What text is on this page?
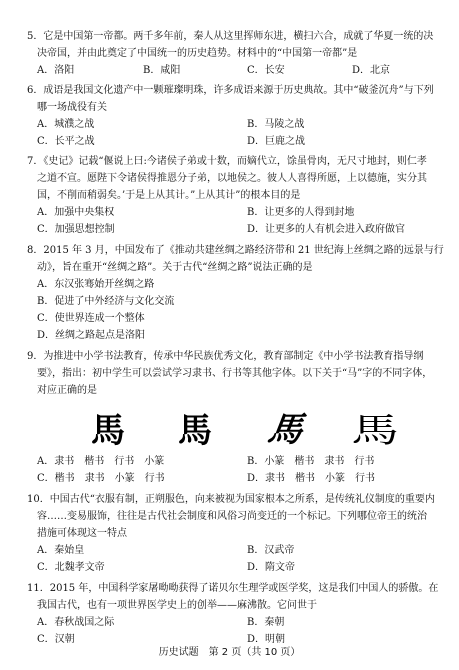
5．它是中国第一帝都。两千多年前，秦人从这里挥师东进，横扫六合，成就了华夏一统的决
决帝国，并由此奠定了中国统一的历史趋势。材料中的“中国第一帝都”是
A．洛阳	B．咸阳	C．长安	D．北京
6．成语是我国文化遗产中一颗璀璨明珠，许多成语来源于历史典故。其中“破釜沉舟”与下列
哪一场战役有关
A．城濮之战	B．马陵之战
C．长平之战	D．巨鹿之战
7．《史记》记载“偃说上曰:今诸侯子弟或十数，而嫡代立，馀虽骨肉，无尺寸地封，则仁孝
之道不宣。愿陛下令诸侯得推恩分子弟，以地侯之。彼人人喜得所愿，上以德施，实分其
国，不削而稍弱矣。’于是上从其计。”上从其计”的根本目的是
A．加强中央集权	B．让更多的人得到封地
C．加强思想控制	D．让更多的人有机会进入政府做官
8．2015 年 3 月，中国发布了《推动共建丝绸之路经济带和 21 世纪海上丝绸之路的远景与行
动》，旨在重开“丝绸之路”。关于古代“丝绸之路”说法正确的是
A．东汉张骞始开丝绸之路
B．促进了中外经济与文化交流
C．使世界连成一个整体
D．丝绸之路起点是洛阳
9．为推进中小学书法教育，传承中华民族优秀文化，教育部制定《中小学书法教育指导纲
要》，指出：初中学生可以尝试学习隶书、行书等其他字体。以下关于“马”字的不同字体，
对应正确的是
馬 馬 馬 馬
A．隶书　楷书　行书　小篆	B．小篆　楷书　隶书　行书
C．楷书　隶书　小篆　行书	D．隶书　楷书　小篆　行书
10．中国古代“衣服有制，正朔服色，向来被视为国家根本之所系，是传统礼仪制度的重要内
容……变易服饰，往往是古代社会制度和风俗习尚变迁的一个标记。下列哪位帝王的统治
措施可体现这一特点
A．秦始皇	B．汉武帝
C．北魏孝文帝	D．隋文帝
11．2015 年，中国科学家屠呦呦获得了诺贝尔生理学或医学奖，这是我们中国人的骄傲。在
我国古代，也有一项世界医学史上的创举——麻沸散。它问世于
A．春秋战国之际	B．秦朝
C．汉朝	D．明朝
历史试题　第 2 页（共 10 页）
